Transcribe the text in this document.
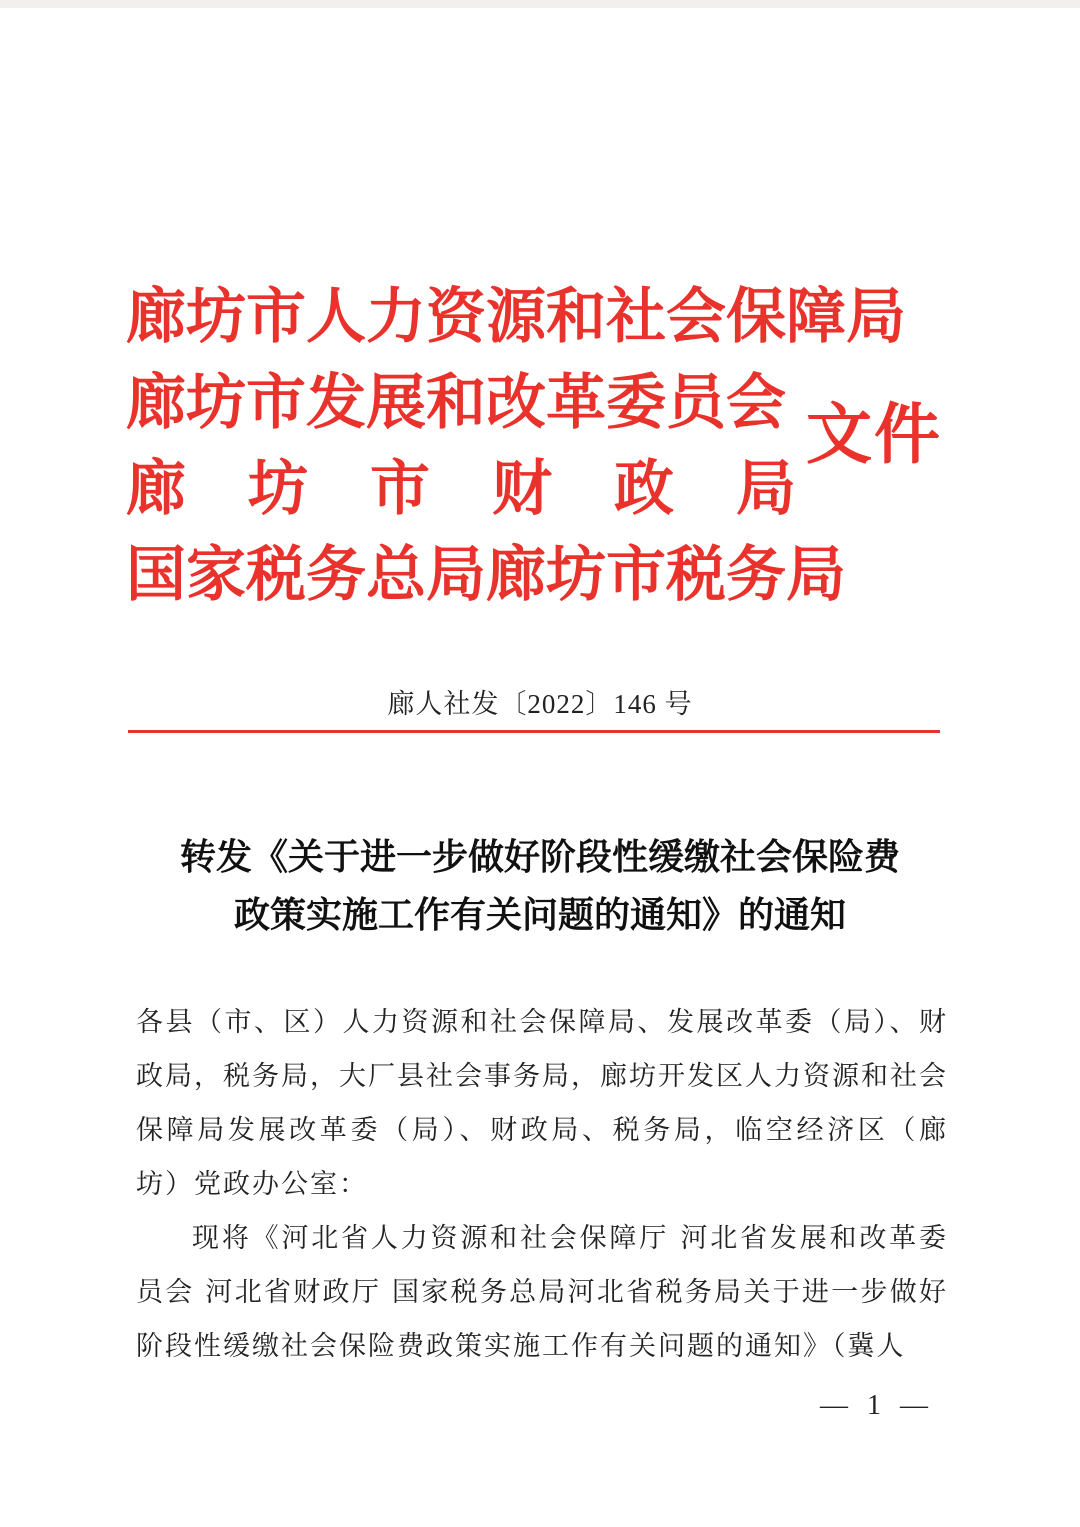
廊坊市人力资源和社会保障局
廊坊市发展和改革委员会
廊 坊 市 财 政 局
国家税务总局廊坊市税务局
文件
廊人社发〔2022〕146 号
转发《关于进一步做好阶段性缓缴社会保险费
政策实施工作有关问题的通知》的通知

各县（市、区）人力资源和社会保障局、发展改革委（局）、财政局，税务局，大厂县社会事务局，廊坊开发区人力资源和社会保障局发展改革委（局）、财政局、税务局，临空经济区（廊坊）党政办公室：

现将《河北省人力资源和社会保障厅 河北省发展和改革委员会 河北省财政厅 国家税务总局河北省税务局关于进一步做好阶段性缓缴社会保险费政策实施工作有关问题的通知》（冀人

— 1 —
